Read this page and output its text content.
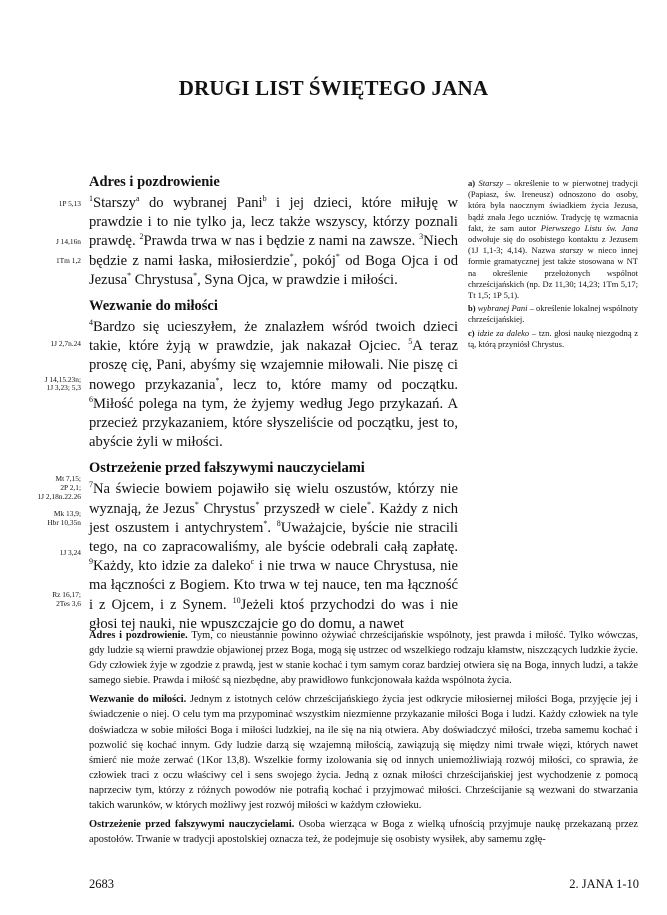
DRUGI LIST ŚWIĘTEGO JANA
1P 5,13
J 14,16n
1Tm 1,2
1J 2,7n.24
J 14,15.23n;
1J 3,23; 5,3
Mt 7,15;
2P 2,1;
1J 2,18n.22.26
Mk 13,9;
Hbr 10,35n
1J 3,24
Rz 16,17;
2Tes 3,6
Adres i pozdrowienie

$^1$Starszy$^a$ do wybranej Pani$^b$ i jej dzieci, które miłuję w prawdzie i to nie tylko ja, lecz także wszyscy, którzy poznali prawdę. $^2$Prawda trwa w nas i będzie z nami na zawsze. $^3$Niech będzie z nami łaska, miłosierdzie*, pokój* od Boga Ojca i od Jezusa* Chrystusa*, Syna Ojca, w prawdzie i miłości.

Wezwanie do miłości

$^4$Bardzo się ucieszyłem, że znalazłem wśród twoich dzieci takie, które żyją w prawdzie, jak nakazał Ojciec. $^5$A teraz proszę cię, Pani, abyśmy się wzajemnie miłowali. Nie piszę ci nowego przykazania*, lecz to, które mamy od początku. $^6$Miłość polega na tym, że żyjemy według Jego przykazań. A przecież przykazaniem, które słyszeliście od początku, jest to, abyście żyli w miłości.

Ostrzeżenie przed fałszywymi nauczycielami

$^7$Na świecie bowiem pojawiło się wielu oszustów, którzy nie wyznają, że Jezus* Chrystus* przyszedł w ciele*. Każdy z nich jest oszustem i antychrystem*. $^8$Uważajcie, byście nie stracili tego, na co zapracowaliśmy, ale byście odebrali całą zapłatę. $^9$Każdy, kto idzie za daleko$^c$ i nie trwa w nauce Chrystusa, nie ma łączności z Bogiem. Kto trwa w tej nauce, ten ma łączność i z Ojcem, i z Synem. $^{10}$Jeżeli ktoś przychodzi do was i nie głosi tej nauki, nie wpuszczajcie go do domu, a nawet

a) Starszy – określenie to w pierwotnej tradycji (Papiasz, św. Ireneusz) odnoszono do osoby, która była naocznym świadkiem życia Jezusa, bądź znała Jego uczniów. Tradycję tę wzmacnia fakt, że sam autor Pierwszego Listu św. Jana odwołuje się do osobistego kontaktu z Jezusem (1J 1,1-3; 4,14). Nazwa starszy w nieco innej formie gramatycznej jest także stosowana w NT na określenie przełożonych wspólnot chrześcijańskich (np. Dz 11,30; 14,23; 1Tm 5,17; Tt 1,5; 1P 5,1).

b) wybranej Pani – określenie lokalnej wspólnoty chrześcijańskiej.

c) idzie za daleko – tzn. głosi naukę niezgodną z tą, którą przyniósł Chrystus.

Adres i pozdrowienie. Tym, co nieustannie powinno ożywiać chrześcijańskie wspólnoty, jest prawda i miłość. Tylko wówczas, gdy ludzie są wierni prawdzie objawionej przez Boga, mogą się ustrzec od wszelkiego rodzaju kłamstw, niszczących ludzkie życie. Gdy człowiek żyje w zgodzie z prawdą, jest w stanie kochać i tym samym coraz bardziej otwiera się na Boga, innych ludzi, a także samego siebie. Prawda i miłość są niezbędne, aby prawidłowo funkcjonowała każda wspólnota życia.

Wezwanie do miłości. Jednym z istotnych celów chrześcijańskiego życia jest odkrycie miłosiernej miłości Boga, przyjęcie jej i świadczenie o niej. O celu tym ma przypominać wszystkim niezmienne przykazanie miłości Boga i ludzi. Każdy człowiek na tyle doświadcza w sobie miłości Boga i miłości ludzkiej, na ile się na nią otwiera. Aby doświadczyć miłości, trzeba samemu kochać i pozwolić się kochać innym. Gdy ludzie darzą się wzajemną miłością, zawiązują się między nimi trwałe więzi, których nawet śmierć nie może zerwać (1Kor 13,8). Wszelkie formy izolowania się od innych uniemożliwiają rozwój miłości, co sprawia, że człowiek traci z oczu właściwy cel i sens swojego życia. Jedną z oznak miłości chrześcijańskiej jest wychodzenie z pomocą naprzeciw tym, którzy z różnych powodów nie potrafią kochać i przyjmować miłości. Chrześcijanie są wezwani do stwarzania takich warunków, w których możliwy jest rozwój miłości w każdym człowieku.

Ostrzeżenie przed fałszywymi nauczycielami. Osoba wierząca w Boga z wielką ufnością przyjmuje naukę przekazaną przez apostołów. Trwanie w tradycji apostolskiej oznacza też, że podejmuje się osobisty wysiłek, aby samemu zgłę-

2683	2. JANA 1-10
